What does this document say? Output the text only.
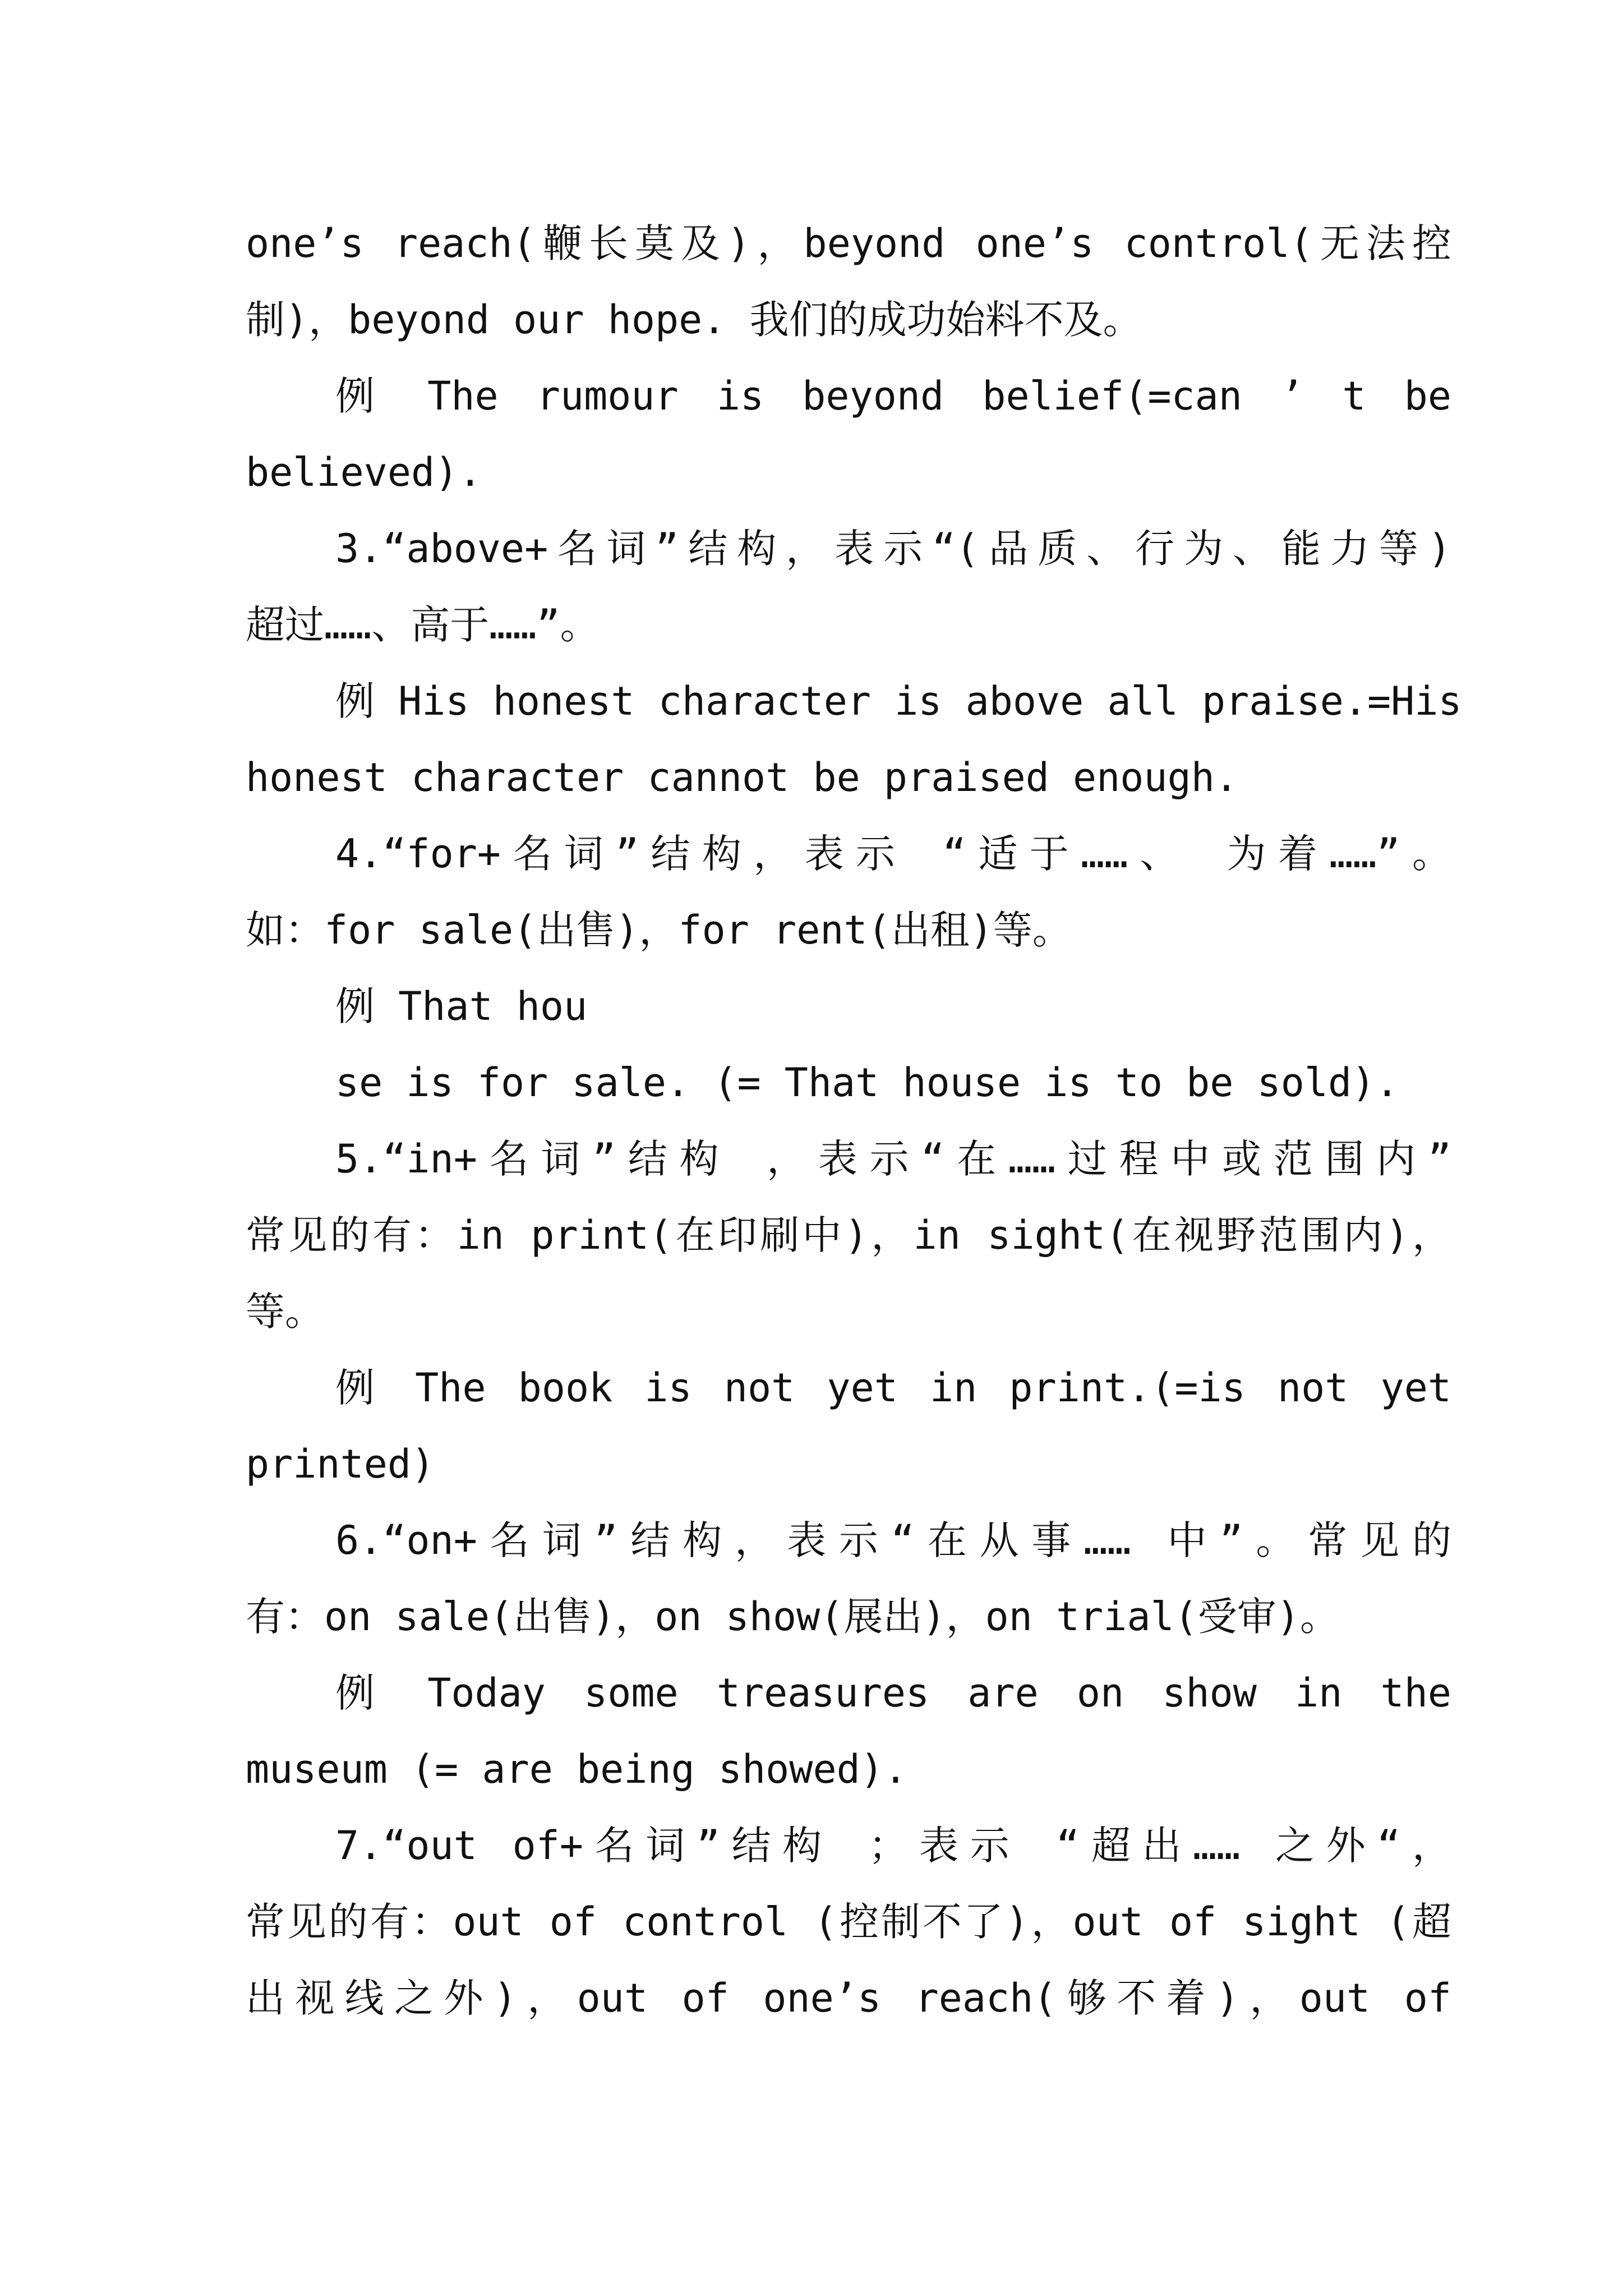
one’s reach(鞭长莫及)，beyond one’s control(无法控
制)，beyond our hope. 我们的成功始料不及。
例 The rumour is beyond belief(=can ’ t be
believed).
3.“above+名词”结构，表示“(品质、行为、能力等)
超过……、高于……”。
例 His honest character is above all praise.=His
honest character cannot be praised enough.
4.“for+名词”结构，表示 “适于……、 为着……”。
如：for sale(出售)，for rent(出租)等。
例 That hou
se is for sale. (= That house is to be sold).
5.“in+名词”结构 ，表示“在……过程中或范围内”
常见的有：in print(在印刷中)，in sight(在视野范围内)，
等。
例 The book is not yet in print.(=is not yet
printed)
6.“on+名词”结构，表示“在从事…… 中”。常见的
有：on sale(出售)，on show(展出)，on trial(受审)。
例 Today some treasures are on show in the
museum (= are being showed).
7.“out of+名词”结构 ；表示 “超出…… 之外“，
常见的有：out of control (控制不了)，out of sight (超
出视线之外)，out of one’s reach(够不着)，out of
